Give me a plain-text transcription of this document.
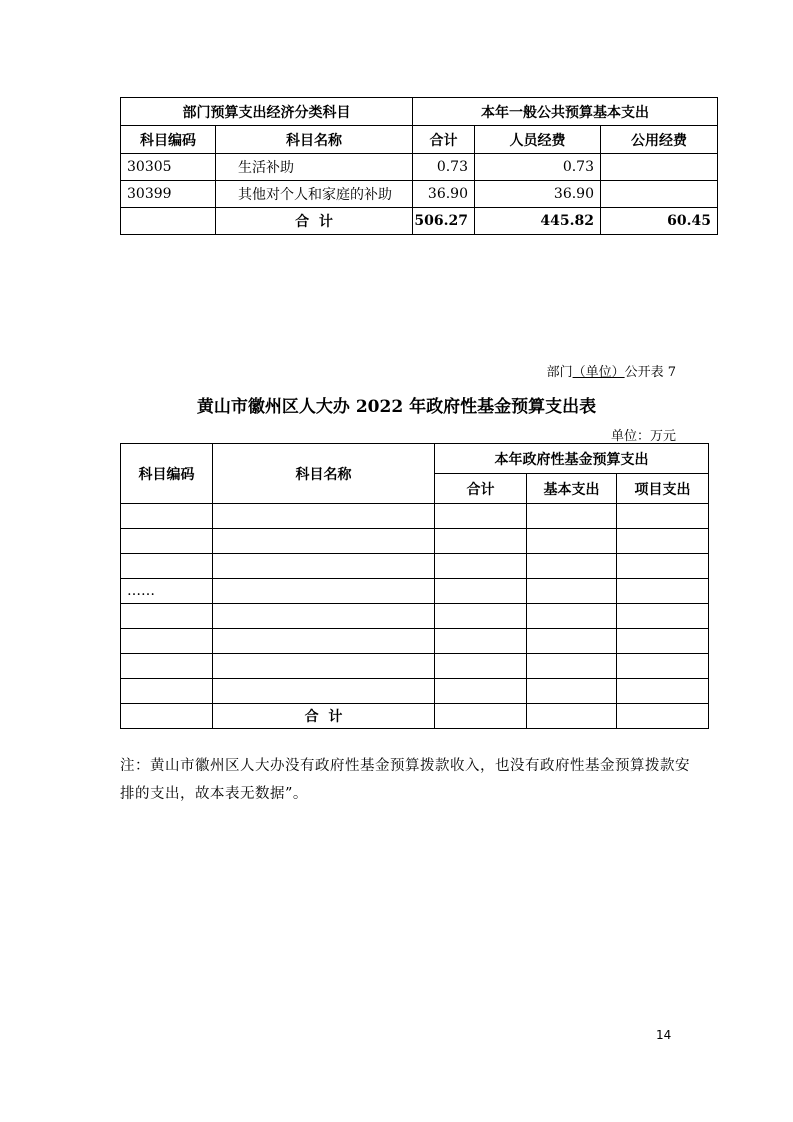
部门预算支出经济分类科目		本年一般公共预算基本支出		
科目编码	科目名称	合计	人员经费	公用经费
30305	生活补助	0.73	0.73	
30399	其他对个人和家庭的补助	36.90	36.90	
	合  计	506.27	445.82	60.45
部门（单位）公开表 7
黄山市徽州区人大办 2022 年政府性基金预算支出表
单位：万元
科目编码	科目名称	本年政府性基金预算支出		
		合计	基本支出	项目支出

……				

	合  计			
注：黄山市徽州区人大办没有政府性基金预算拨款收入，也没有政府性基金预算拨款安排的支出，故本表无数据”。
14
